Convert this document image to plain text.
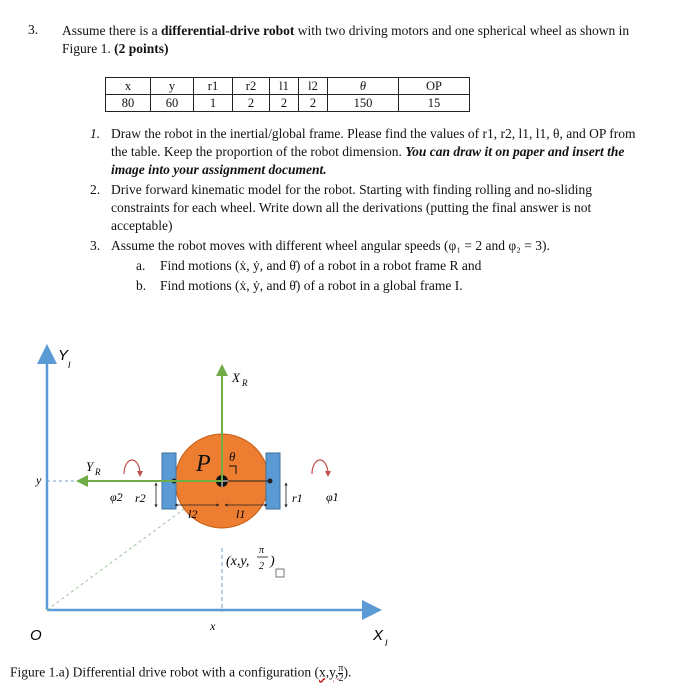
3. Assume there is a differential-drive robot with two driving motors and one spherical wheel as shown in Figure 1. (2 points)
x	y	r1	r2	l1	l2	θ	OP
80	60	1	2	2	2	150	15
1. Draw the robot in the inertial/global frame. Please find the values of r1, r2, l1, l1, θ, and OP from the table. Keep the proportion of the robot dimension. You can draw it on paper and insert the image into your assignment document.
2. Drive forward kinematic model for the robot. Starting with finding rolling and no-sliding constraints for each wheel. Write down all the derivations (putting the final answer is not acceptable)
3. Assume the robot moves with different wheel angular speeds (φ₁ = 2 and φ₂ = 3).
a. Find motions (ẋ, ẏ, and θ̇) of a robot in a robot frame R and
b. Find motions (ẋ, ẏ, and θ̇) of a robot in a global frame I.
Y
I
X I
O
y
x
P θ
X R
Y R
l2	l1
r2	r1
φ̇2	φ̇1
(x,y,
π
2 )
Figure 1.a) Differential drive robot with a configuration (x,y, $\frac{\pi}{2}$ ).
